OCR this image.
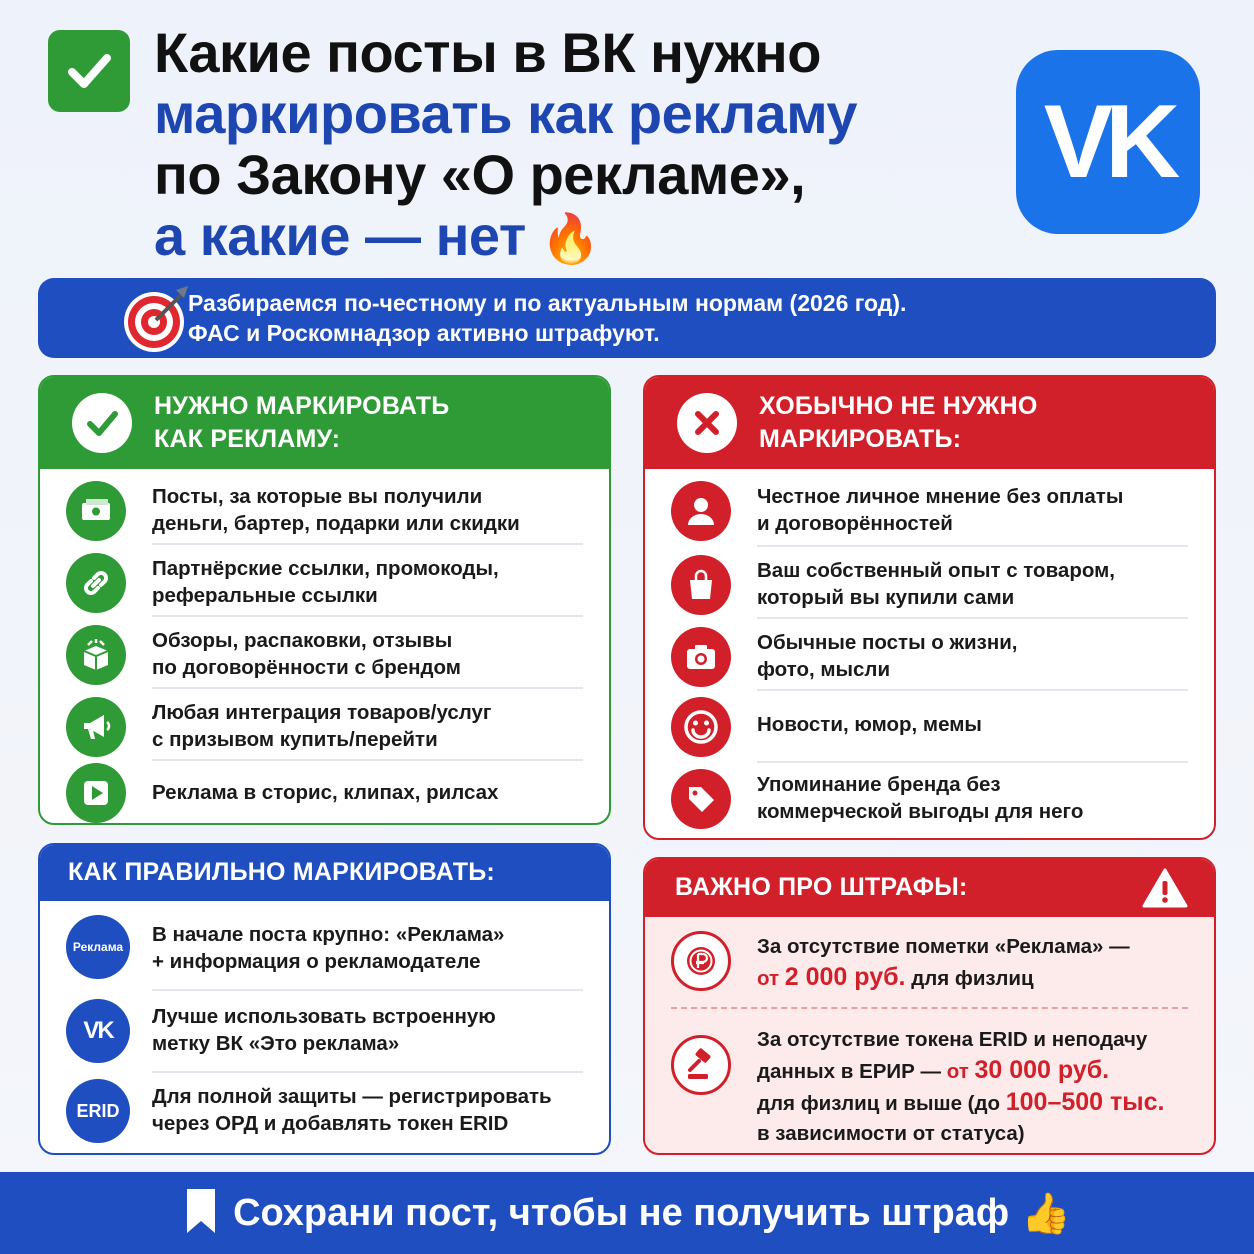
Какие посты в ВК нужно
маркировать как рекламу
по Закону «О рекламе»,
а какие — нет 🔥
VK
Разбираемся по-честному и по актуальным нормам (2026 год).
ФАС и Роскомнадзор активно штрафуют.
НУЖНО МАРКИРОВАТЬ
КАК РЕКЛАМУ:
Посты, за которые вы получили
деньги, бартер, подарки или скидки
Партнёрские ссылки, промокоды,
реферальные ссылки
Обзоры, распаковки, отзывы
по договорённости с брендом
Любая интеграция товаров/услуг
с призывом купить/перейти
Реклама в сторис, клипах, рилсах
ХОБЫЧНО НЕ НУЖНО
МАРКИРОВАТЬ:
Честное личное мнение без оплаты
и договорённостей
Ваш собственный опыт с товаром,
который вы купили сами
Обычные посты о жизни,
фото, мысли
Новости, юмор, мемы
Упоминание бренда без
коммерческой выгоды для него
КАК ПРАВИЛЬНО МАРКИРОВАТЬ:
Реклама
В начале поста крупно: «Реклама»
+ информация о рекламодателе
VK
Лучше использовать встроенную
метку ВК «Это реклама»
ERID
Для полной защиты — регистрировать
через ОРД и добавлять токен ERID
ВАЖНО ПРО ШТРАФЫ:
За отсутствие пометки «Реклама» —
от 2 000 руб. для физлиц
За отсутствие токена ERID и неподачу
данных в ЕРИР — от 30 000 руб.
для физлиц и выше (до 100–500 тыс.
в зависимости от статуса)
Сохрани пост, чтобы не получить штраф 👍
